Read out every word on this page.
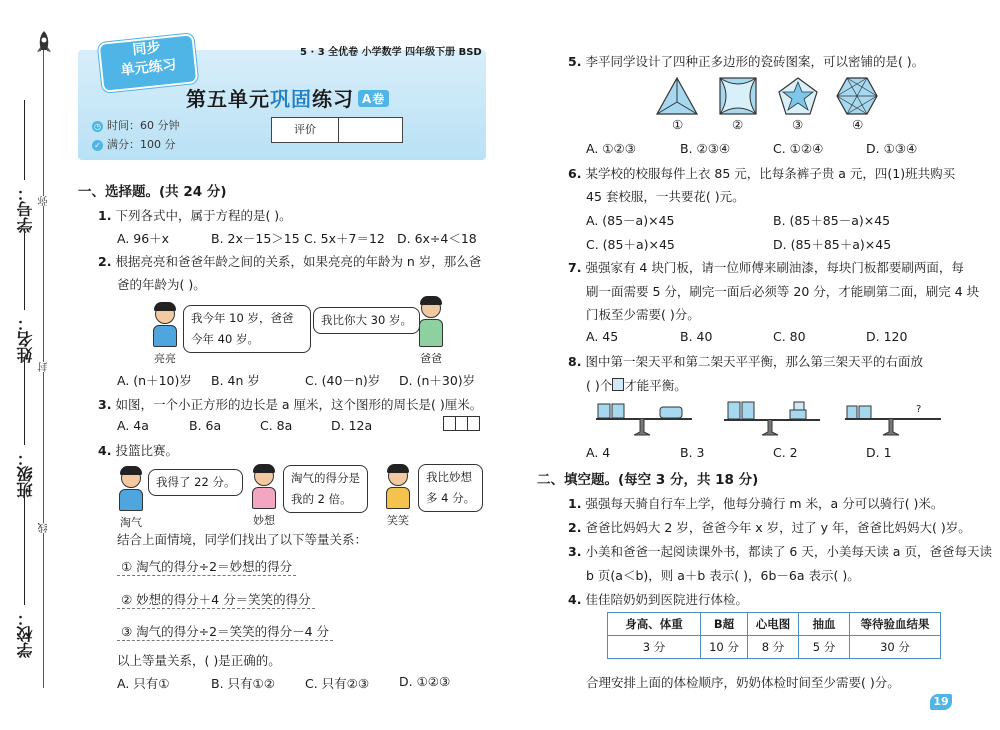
学号：
姓名：
班级：
学校：
弥
封
线
同步
单元练习
5 · 3 全优卷 小学数学 四年级下册 BSD
第五单元巩固练习 A卷
◷ 时间：60 分钟
✓ 满分：100 分
评价
一、选择题。(共 24 分)
1. 下列各式中，属于方程的是( )。
A. 96＋x	B. 2x－15＞15 C. 5x＋7＝12 D. 6x÷4＜18
2. 根据亮亮和爸爸年龄之间的关系，如果亮亮的年龄为 n 岁，那么爸
爸的年龄为( )。
亮亮
我今年 10 岁，爸爸
今年 40 岁。
我比你大 30 岁。
爸爸
A. (n＋10)岁 B. 4n 岁	C. (40－n)岁 D. (n＋30)岁
3. 如图，一个小正方形的边长是 a 厘米，这个图形的周长是( )厘米。
A. 4a	B. 6a	C. 8a	D. 12a
4. 投篮比赛。
淘气
我得了 22 分。
妙想
淘气的得分是
我的 2 倍。
笑笑
我比妙想
多 4 分。
结合上面情境，同学们找出了以下等量关系：
① 淘气的得分÷2＝妙想的得分
② 妙想的得分＋4 分＝笑笑的得分
③ 淘气的得分÷2＝笑笑的得分－4 分
以上等量关系，( )是正确的。
A. 只有①	B. 只有①② C. 只有②③ D. ①②③
5. 李平同学设计了四种正多边形的瓷砖图案，可以密铺的是( )。
①	②	③	④
A. ①②③	B. ②③④	C. ①②④	D. ①③④
6. 某学校的校服每件上衣 85 元，比每条裤子贵 a 元，四(1)班共购买
45 套校服，一共要花( )元。
A. (85－a)×45	B. (85＋85－a)×45
C. (85＋a)×45	D. (85＋85＋a)×45
7. 强强家有 4 块门板，请一位师傅来刷油漆，每块门板都要刷两面，每
刷一面需要 5 分，刷完一面后必须等 20 分，才能刷第二面，刷完 4 块
门板至少需要( )分。
A. 45	B. 40	C. 80	D. 120
8. 图中第一架天平和第二架天平平衡，那么第三架天平的右面放
( )个 才能平衡。
?
A. 4	B. 3	C. 2	D. 1
二、填空题。(每空 3 分，共 18 分)
1. 强强每天骑自行车上学，他每分骑行 m 米，a 分可以骑行( )米。
2. 爸爸比妈妈大 2 岁，爸爸今年 x 岁，过了 y 年，爸爸比妈妈大( )岁。
3. 小美和爸爸一起阅读课外书，都读了 6 天，小美每天读 a 页，爸爸每天读
b 页(a＜b)，则 a＋b 表示( )，6b－6a 表示( )。
4. 佳佳陪奶奶到医院进行体检。
身高、体重	B超	心电图	抽血	等待验血结果
3 分	10 分	8 分	5 分	30 分
合理安排上面的体检顺序，奶奶体检时间至少需要( )分。
19
